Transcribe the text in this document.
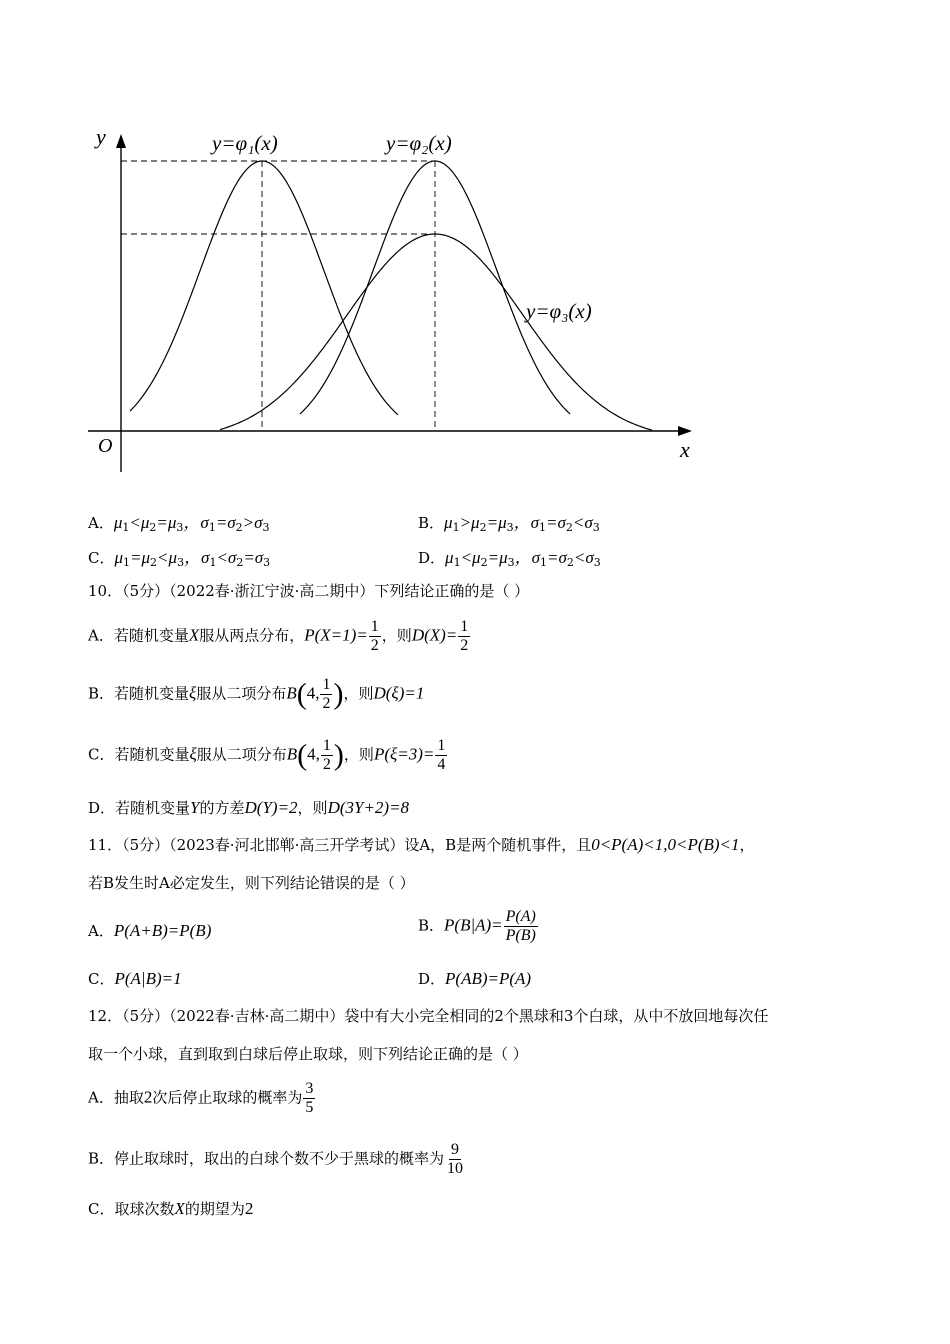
y
x
O
y=φ₁(x)	y=φ₂(x)
y=φ₃(x)
A．$\mu_1<\mu_2=\mu_3$，$\sigma_1=\sigma_2>\sigma_3$	B．$\mu_1>\mu_2=\mu_3$，$\sigma_1=\sigma_2<\sigma_3$
C．$\mu_1=\mu_2<\mu_3$，$\sigma_1<\sigma_2=\sigma_3$	D．$\mu_1<\mu_2=\mu_3$，$\sigma_1=\sigma_2<\sigma_3$
10．（5分）（2022春·浙江宁波·高二期中）下列结论正确的是（ ）
A．若随机变量X服从两点分布，$P(X=1)= \frac{1}{2}$ ，则$D(X)= \frac{1}{2}$
B．若随机变量ξ服从二项分布B(4, $\frac{1}{2}$ )，则D(ξ)=1
C．若随机变量ξ服从二项分布B(4, $\frac{1}{2}$ )，则$P(\xi=3)= \frac{1}{4}$
D．若随机变量Y的方差D(Y)=2，则D(3Y+2)=8
11．（5分）（2023春·河北邯郸·高三开学考试）设A，B是两个随机事件，且0<P(A)<1,0<P(B)<1，
若B发生时A必定发生，则下列结论错误的是（ ）
A．P(A+B)=P(B)	B．$P(B|A)= \frac{P(A)}{P(B)}$
C．P(A|B)=1	D．P(AB)=P(A)
12．（5分）（2022春·吉林·高二期中）袋中有大小完全相同的2个黑球和3个白球，从中不放回地每次任
取一个小球，直到取到白球后停止取球，则下列结论正确的是（ ）
A．抽取2次后停止取球的概率为 $\frac{3}{5}$
B．停止取球时，取出的白球个数不少于黑球的概率为 $\frac{9}{10}$
C．取球次数X的期望为2
